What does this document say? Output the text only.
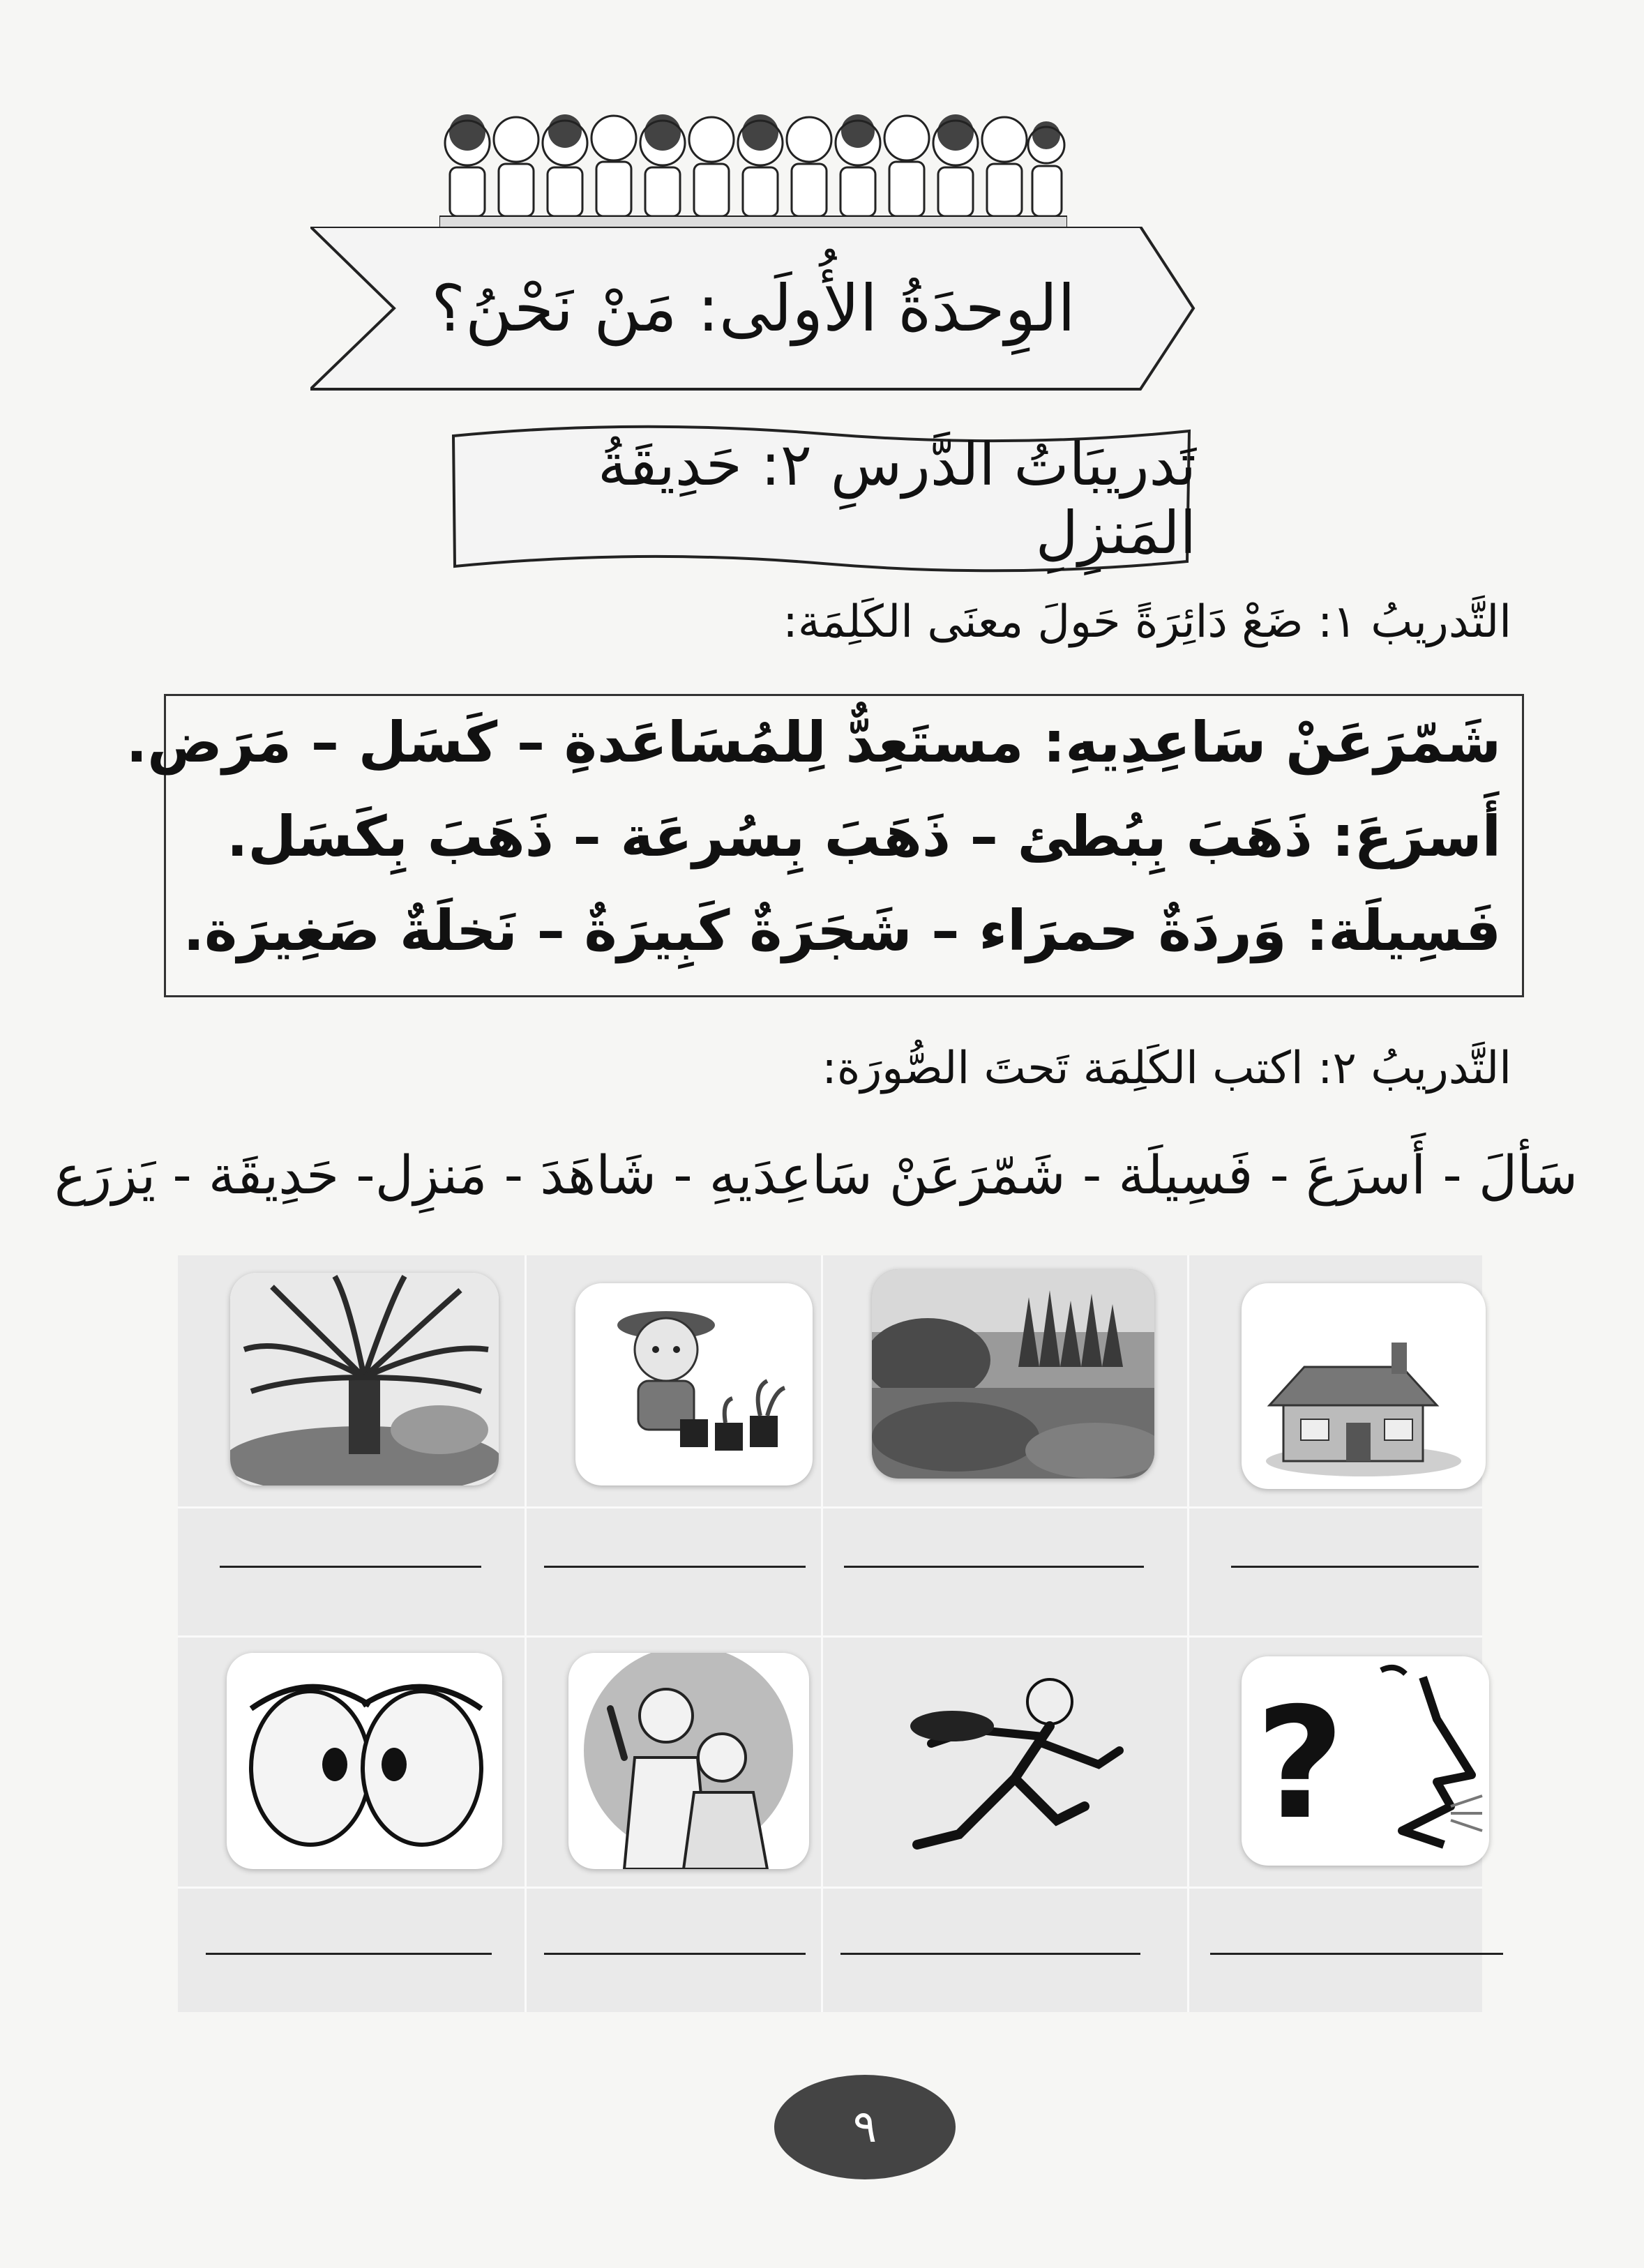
الوِحدَةُ الأُولَى: مَنْ نَحْنُ؟
تَدريبَاتُ الدَّرسِ ٢: حَدِيقَةُ المَنزِلِ
التَّدريبُ ١: ضَعْ دَائِرَةً حَولَ معنَى الكَلِمَة:
شَمّرَعَنْ سَاعِدِيهِ: مستَعِدٌّ لِلمُسَاعَدةِ – كَسَل – مَرَض.
أَسرَعَ: ذَهَبَ بِبُطئ – ذَهَبَ بِسُرعَة – ذَهَبَ بِكَسَل.
فَسِيلَة: وَردَةٌ حمرَاء – شَجَرَةٌ كَبِيرَةٌ – نَخلَةٌ صَغِيرَة.
التَّدريبُ ٢: اكتب الكَلِمَة تَحتَ الصُّورَة:
سَألَ - أَسرَعَ - فَسِيلَة - شَمّرَعَنْ سَاعِدَيهِ - شَاهَدَ - مَنزِل- حَدِيقَة - يَزرَع
?
٩
